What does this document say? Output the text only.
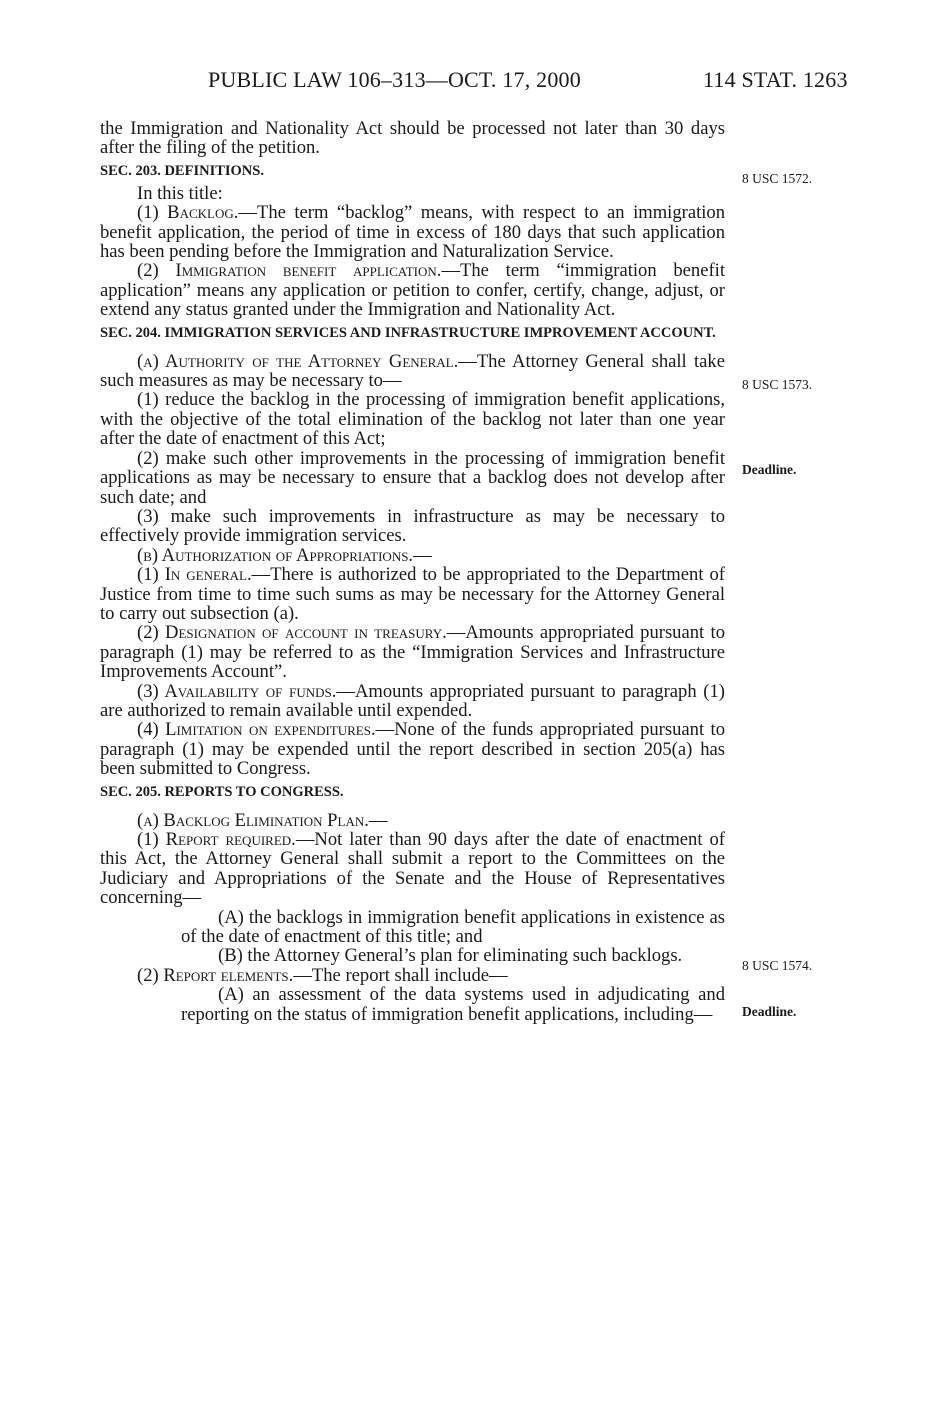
PUBLIC LAW 106–313—OCT. 17, 2000	114 STAT. 1263

the Immigration and Nationality Act should be processed not later than 30 days after the filing of the petition.

SEC. 203. DEFINITIONS.

In this title:

(1) Backlog.—The term “backlog” means, with respect to an immigration benefit application, the period of time in excess of 180 days that such application has been pending before the Immigration and Naturalization Service.

(2) Immigration benefit application.—The term “immigration benefit application” means any application or petition to confer, certify, change, adjust, or extend any status granted under the Immigration and Nationality Act.

SEC. 204. IMMIGRATION SERVICES AND INFRASTRUCTURE IMPROVEMENT ACCOUNT.

(a) Authority of the Attorney General.—The Attorney General shall take such measures as may be necessary to—

(1) reduce the backlog in the processing of immigration benefit applications, with the objective of the total elimination of the backlog not later than one year after the date of enactment of this Act;

(2) make such other improvements in the processing of immigration benefit applications as may be necessary to ensure that a backlog does not develop after such date; and

(3) make such improvements in infrastructure as may be necessary to effectively provide immigration services.

(b) Authorization of Appropriations.—

(1) In general.—There is authorized to be appropriated to the Department of Justice from time to time such sums as may be necessary for the Attorney General to carry out subsection (a).

(2) Designation of account in treasury.—Amounts appropriated pursuant to paragraph (1) may be referred to as the “Immigration Services and Infrastructure Improvements Account”.

(3) Availability of funds.—Amounts appropriated pursuant to paragraph (1) are authorized to remain available until expended.

(4) Limitation on expenditures.—None of the funds appropriated pursuant to paragraph (1) may be expended until the report described in section 205(a) has been submitted to Congress.

SEC. 205. REPORTS TO CONGRESS.

(a) Backlog Elimination Plan.—

(1) Report required.—Not later than 90 days after the date of enactment of this Act, the Attorney General shall submit a report to the Committees on the Judiciary and Appropriations of the Senate and the House of Representatives concerning—

(A) the backlogs in immigration benefit applications in existence as of the date of enactment of this title; and

(B) the Attorney General’s plan for eliminating such backlogs.

(2) Report elements.—The report shall include—

(A) an assessment of the data systems used in adjudicating and reporting on the status of immigration benefit applications, including—

8 USC 1572.
8 USC 1573.
Deadline.
8 USC 1574.
Deadline.
